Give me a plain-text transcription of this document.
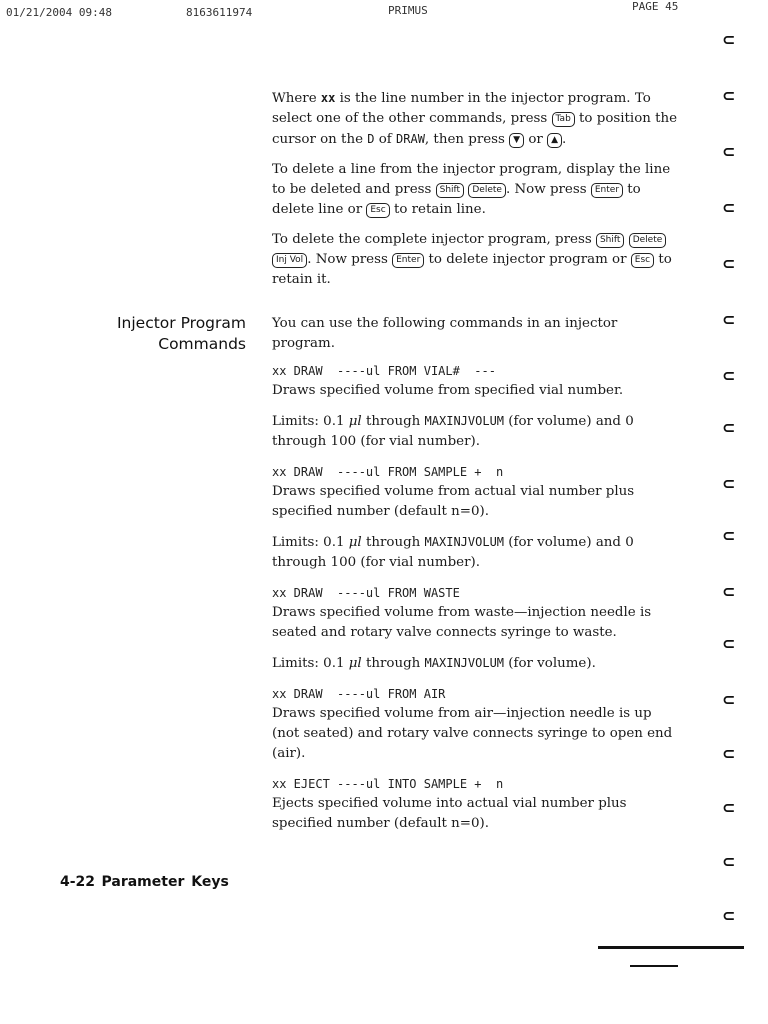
01/21/2004 09:48	8163611974	PRIMUS	PAGE 45

Where xx is the line number in the injector program. To select one of the other commands, press Tab to position the cursor on the D of DRAW, then press ▼ or ▲ .

To delete a line from the injector program, display the line to be deleted and press Shift Delete . Now press Enter to delete line or Esc to retain line.

To delete the complete injector program, press Shift Delete Inj Vol . Now press Enter to delete injector program or Esc to retain it.

Injector Program
Commands

You can use the following commands in an injector program.

xx DRAW  ----ul FROM VIAL#  ---

Draws specified volume from specified vial number.

Limits: 0.1 μl through MAXINJVOLUM (for volume) and 0 through 100 (for vial number).

xx DRAW  ----ul FROM SAMPLE +  n

Draws specified volume from actual vial number plus specified number (default n=0).

Limits: 0.1 μl through MAXINJVOLUM (for volume) and 0 through 100 (for vial number).

xx DRAW  ----ul FROM WASTE

Draws specified volume from waste—injection needle is seated and rotary valve connects syringe to waste.

Limits: 0.1 μl through MAXINJVOLUM (for volume).

xx DRAW  ----ul FROM AIR

Draws specified volume from air—injection needle is up (not seated) and rotary valve connects syringe to open end (air).

xx EJECT ----ul INTO SAMPLE +  n

Ejects specified volume into actual vial number plus specified number (default n=0).

4-22 Parameter Keys
⊂
⊂
⊂
⊂
⊂
⊂
⊂
⊂
⊂
⊂
⊂
⊂
⊂
⊂
⊂
⊂
⊂
